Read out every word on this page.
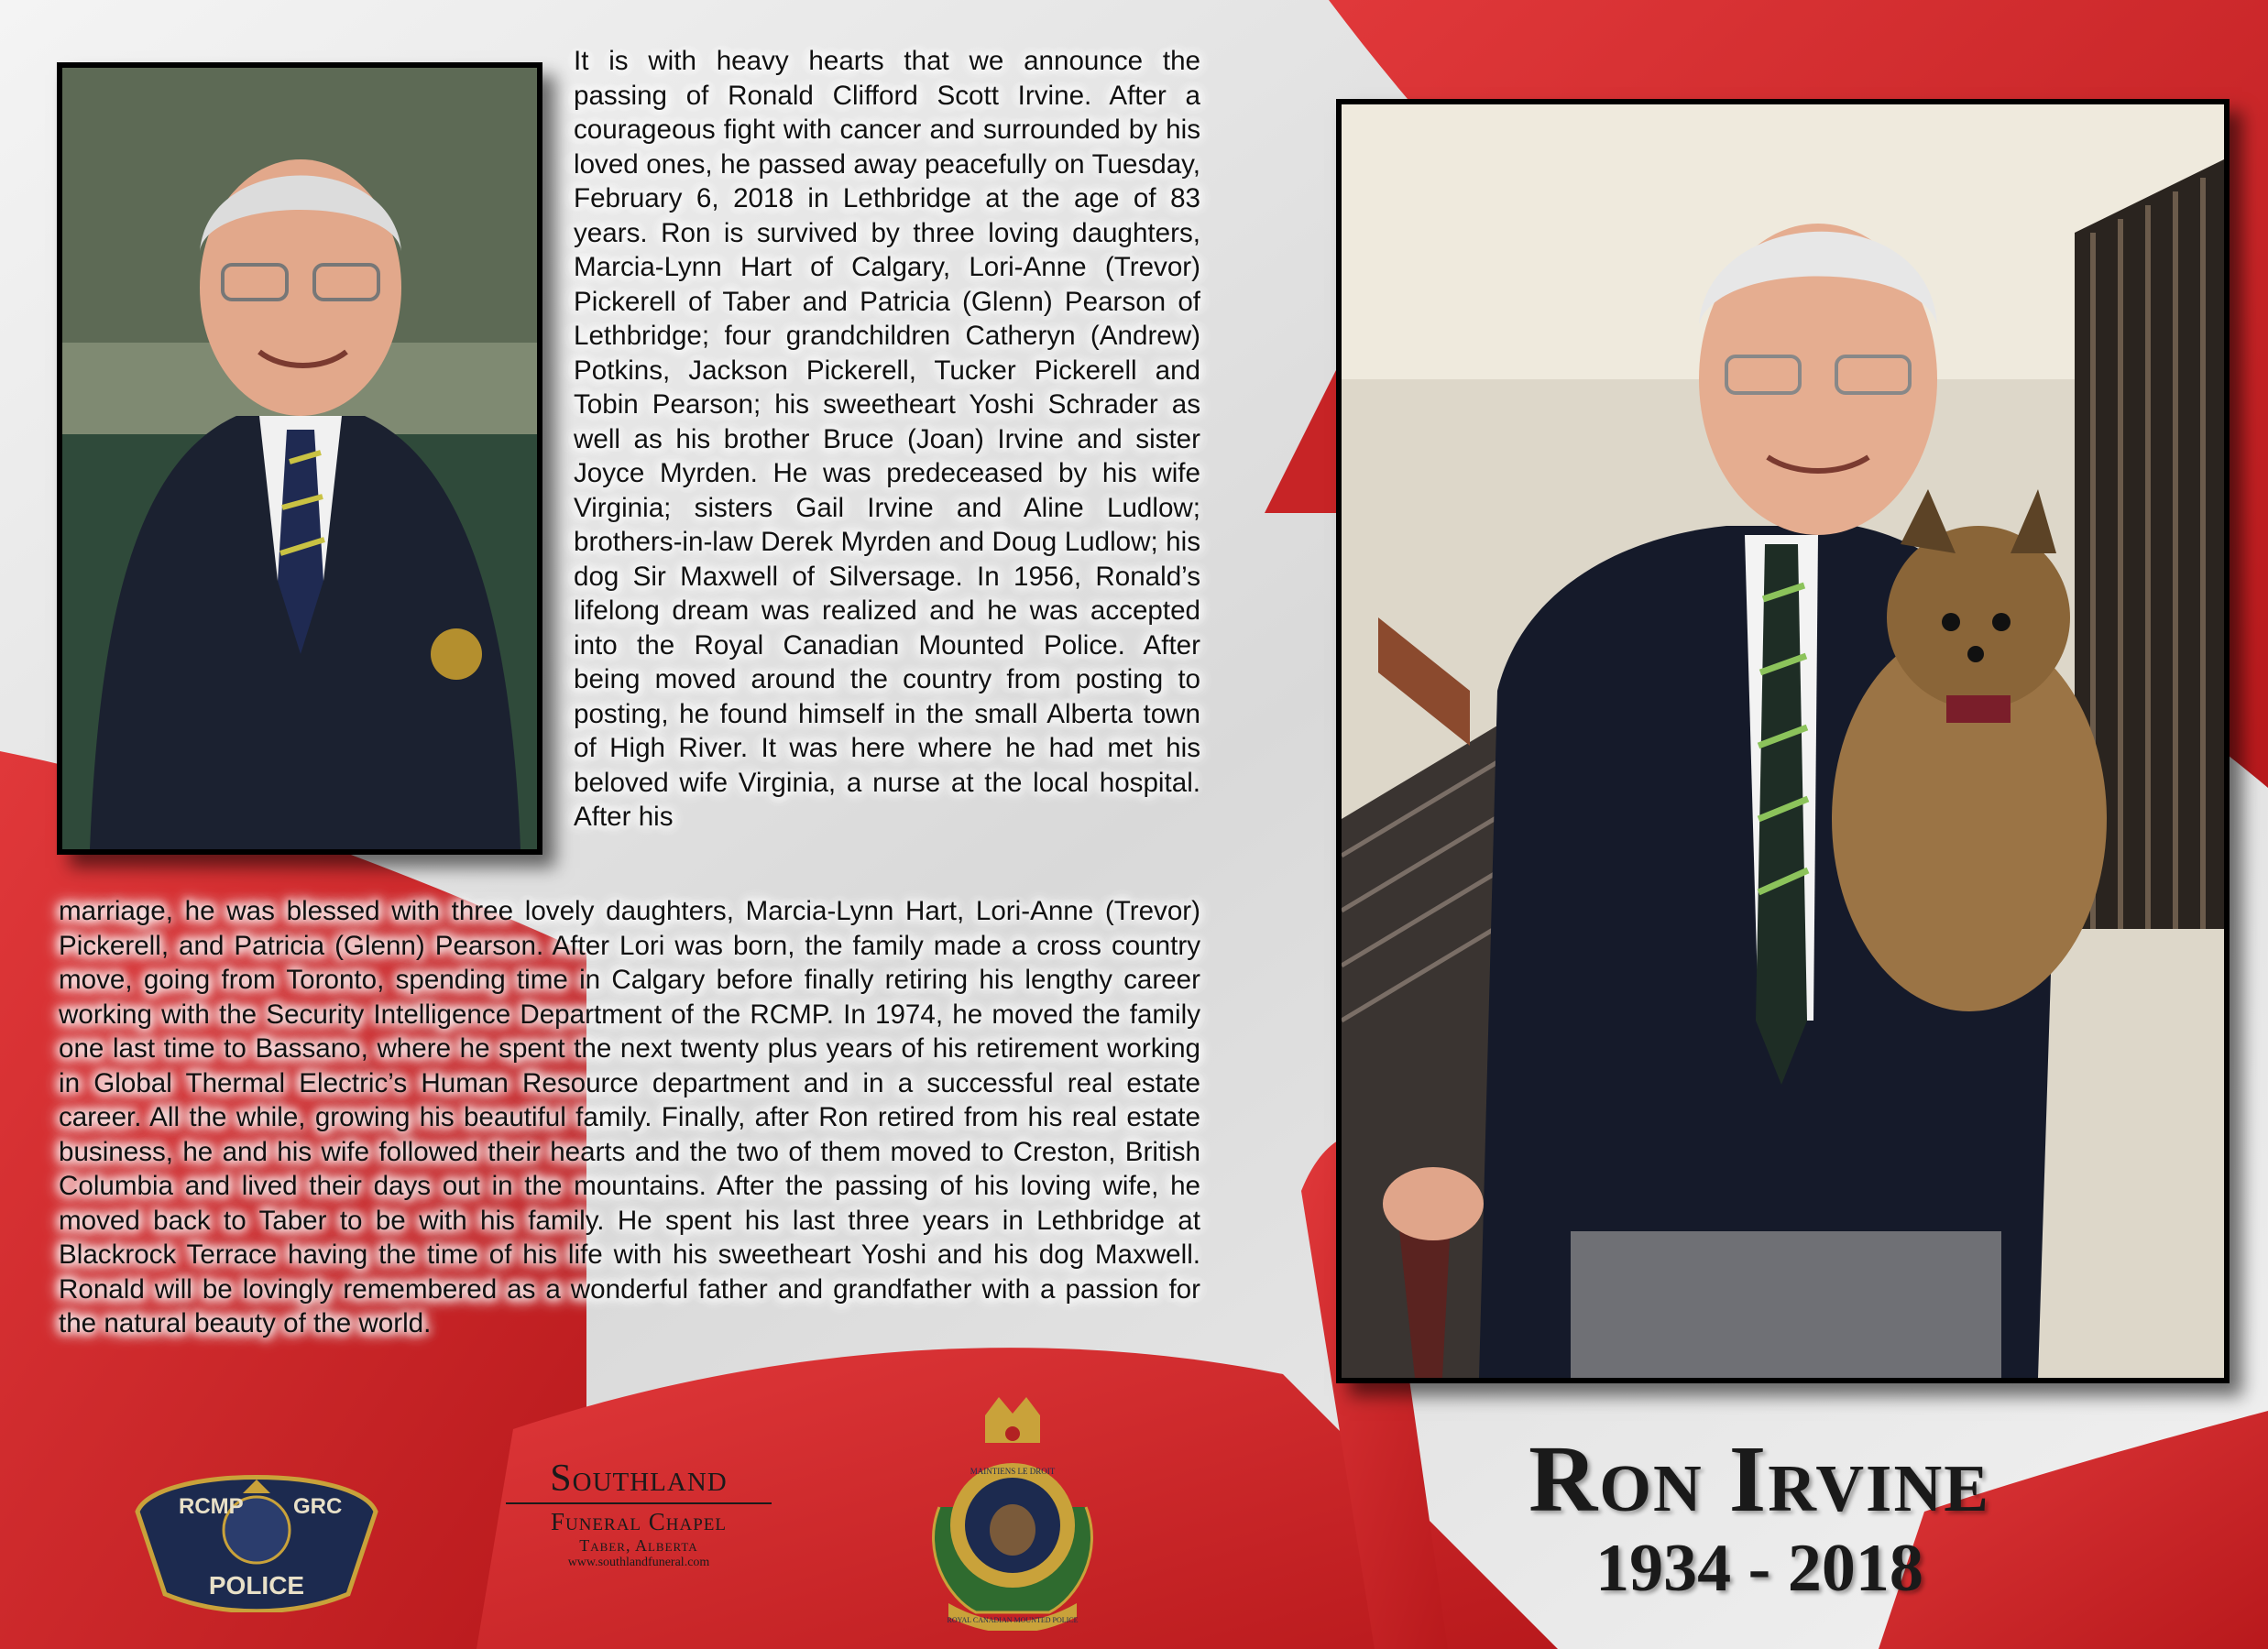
It is with heavy hearts that we announce the passing of Ronald Clifford Scott Irvine. After a courageous fight with cancer and surrounded by his loved ones, he passed away peacefully on Tuesday, February 6, 2018 in Lethbridge at the age of 83 years. Ron is survived by three loving daughters, Marcia-Lynn Hart of Calgary, Lori-Anne (Trevor) Pickerell of Taber and Patricia (Glenn) Pearson of Lethbridge; four grandchildren Catheryn (Andrew) Potkins, Jackson Pickerell, Tucker Pickerell and Tobin Pearson; his sweetheart Yoshi Schrader as well as his brother Bruce (Joan) Irvine and sister Joyce Myrden. He was predeceased by his wife Virginia; sisters Gail Irvine and Aline Ludlow; brothers-in-law Derek Myrden and Doug Ludlow; his dog Sir Maxwell of Silversage. In 1956, Ronald’s lifelong dream was realized and he was accepted into the Royal Canadian Mounted Police. After being moved around the country from posting to posting, he found himself in the small Alberta town of High River. It was here where he had met his beloved wife Virginia, a nurse at the local hospital. After his

marriage, he was blessed with three lovely daughters, Marcia-Lynn Hart, Lori-Anne (Trevor) Pickerell, and Patricia (Glenn) Pearson. After Lori was born, the family made a cross country move, going from Toronto, spending time in Calgary before finally retiring his lengthy career working with the Security Intelligence Department of the RCMP. In 1974, he moved the family one last time to Bassano, where he spent the next twenty plus years of his retirement working in Global Thermal Electric’s Human Resource department and in a successful real estate career. All the while, growing his beautiful family. Finally, after Ron retired from his real estate business, he and his wife followed their hearts and the two of them moved to Creston, British Columbia and lived their days out in the mountains. After the passing of his loving wife, he moved back to Taber to be with his family. He spent his last three years in Lethbridge at Blackrock Terrace having the time of his life with his sweetheart Yoshi and his dog Maxwell. Ronald will be lovingly remembered as a wonderful father and grandfather with a passion for the natural beauty of the world.

RCMP GRC
POLICE
Southland
Funeral Chapel
Taber, Alberta
www.southlandfuneral.com
MAINTIENS LE DROIT
ROYAL CANADIAN MOUNTED POLICE
Ron Irvine
1934 - 2018
